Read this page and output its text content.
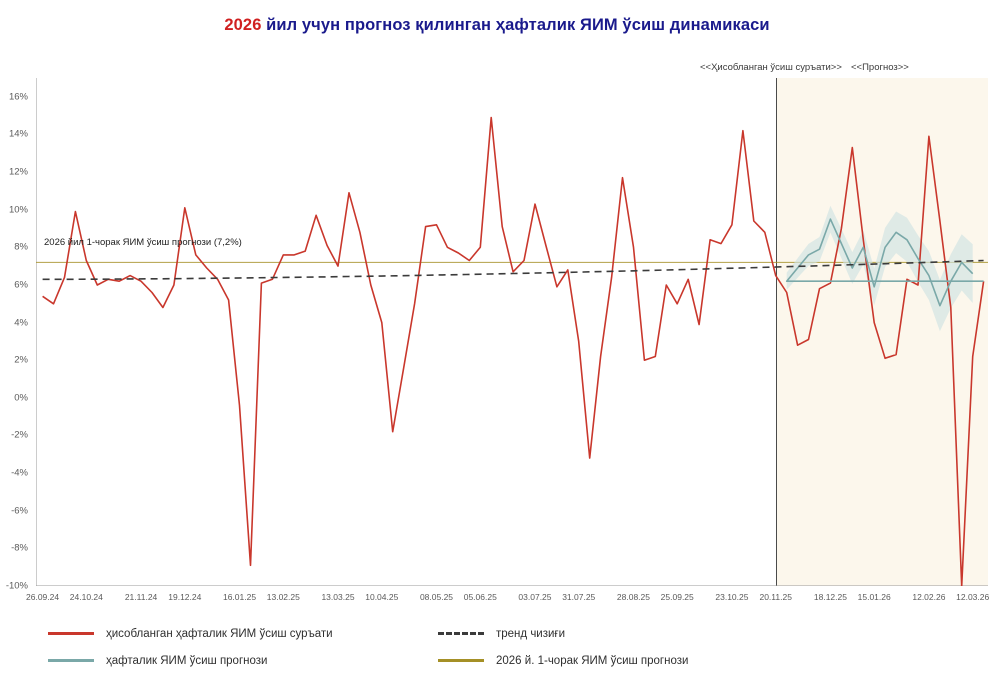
2026 йил учун прогноз қилинган ҳафталик ЯИМ ўсиш динамикаси
<<Ҳисобланган ўсиш суръати>> <<Прогноз>>
2026 йил 1-чорак ЯИМ ўсиш прогнози (7,2%)
16%
14%
12%
10%
8%
6%
4%
2%
0%
-2%
-4%
-6%
-8%
-10%
26.09.24 24.10.24	21.11.24 19.12.24	16.01.25 13.02.25	13.03.25 10.04.25	08.05.25 05.06.25	03.07.25 31.07.25	28.08.25 25.09.25	23.10.25 20.11.25	18.12.25 15.01.26	12.02.26 12.03.26
ҳисобланган ҳафталик ЯИМ ўсиш суръати	тренд чизиғи
ҳафталик ЯИМ ўсиш прогнози	2026 й. 1-чорак ЯИМ ўсиш прогнози
